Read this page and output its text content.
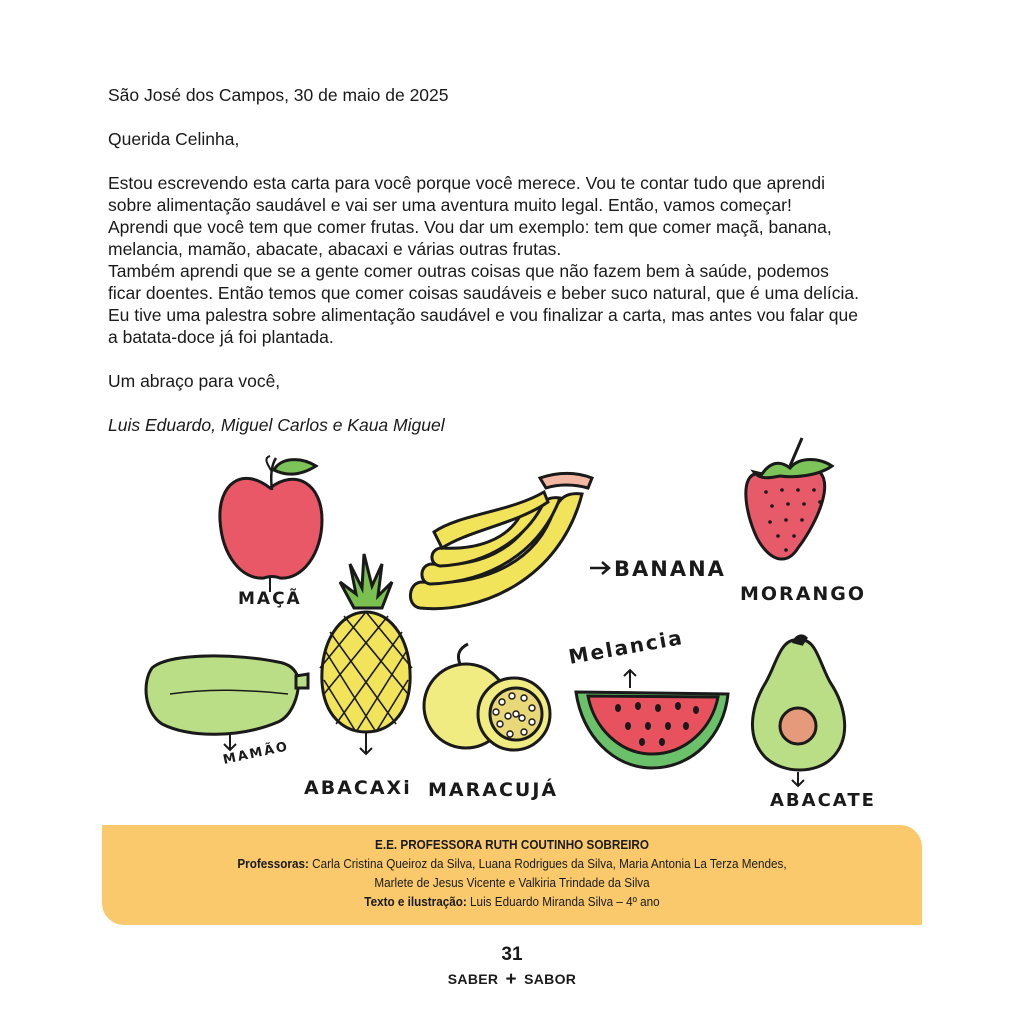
São José dos Campos, 30 de maio de 2025

Querida Celinha,

Estou escrevendo esta carta para você porque você merece. Vou te contar tudo que aprendi

sobre alimentação saudável e vai ser uma aventura muito legal. Então, vamos começar!

Aprendi que você tem que comer frutas. Vou dar um exemplo: tem que comer maçã, banana,

melancia, mamão, abacate, abacaxi e várias outras frutas.

Também aprendi que se a gente comer outras coisas que não fazem bem à saúde, podemos

ficar doentes. Então temos que comer coisas saudáveis e beber suco natural, que é uma delícia.

Eu tive uma palestra sobre alimentação saudável e vou finalizar a carta, mas antes vou falar que

a batata-doce já foi plantada.

Um abraço para você,

Luis Eduardo, Miguel Carlos e Kaua Miguel

MAÇÃ
BANANA
MORANGO
MAMÃO
ABACAXi MARACUJÁ
Melancia
ABACATE
E.E. PROFESSORA RUTH COUTINHO SOBREIRO
Professoras: Carla Cristina Queiroz da Silva, Luana Rodrigues da Silva, Maria Antonia La Terza Mendes,
Marlete de Jesus Vicente e Valkiria Trindade da Silva
Texto e ilustração: Luis Eduardo Miranda Silva – 4º ano
31
SABER + SABOR
